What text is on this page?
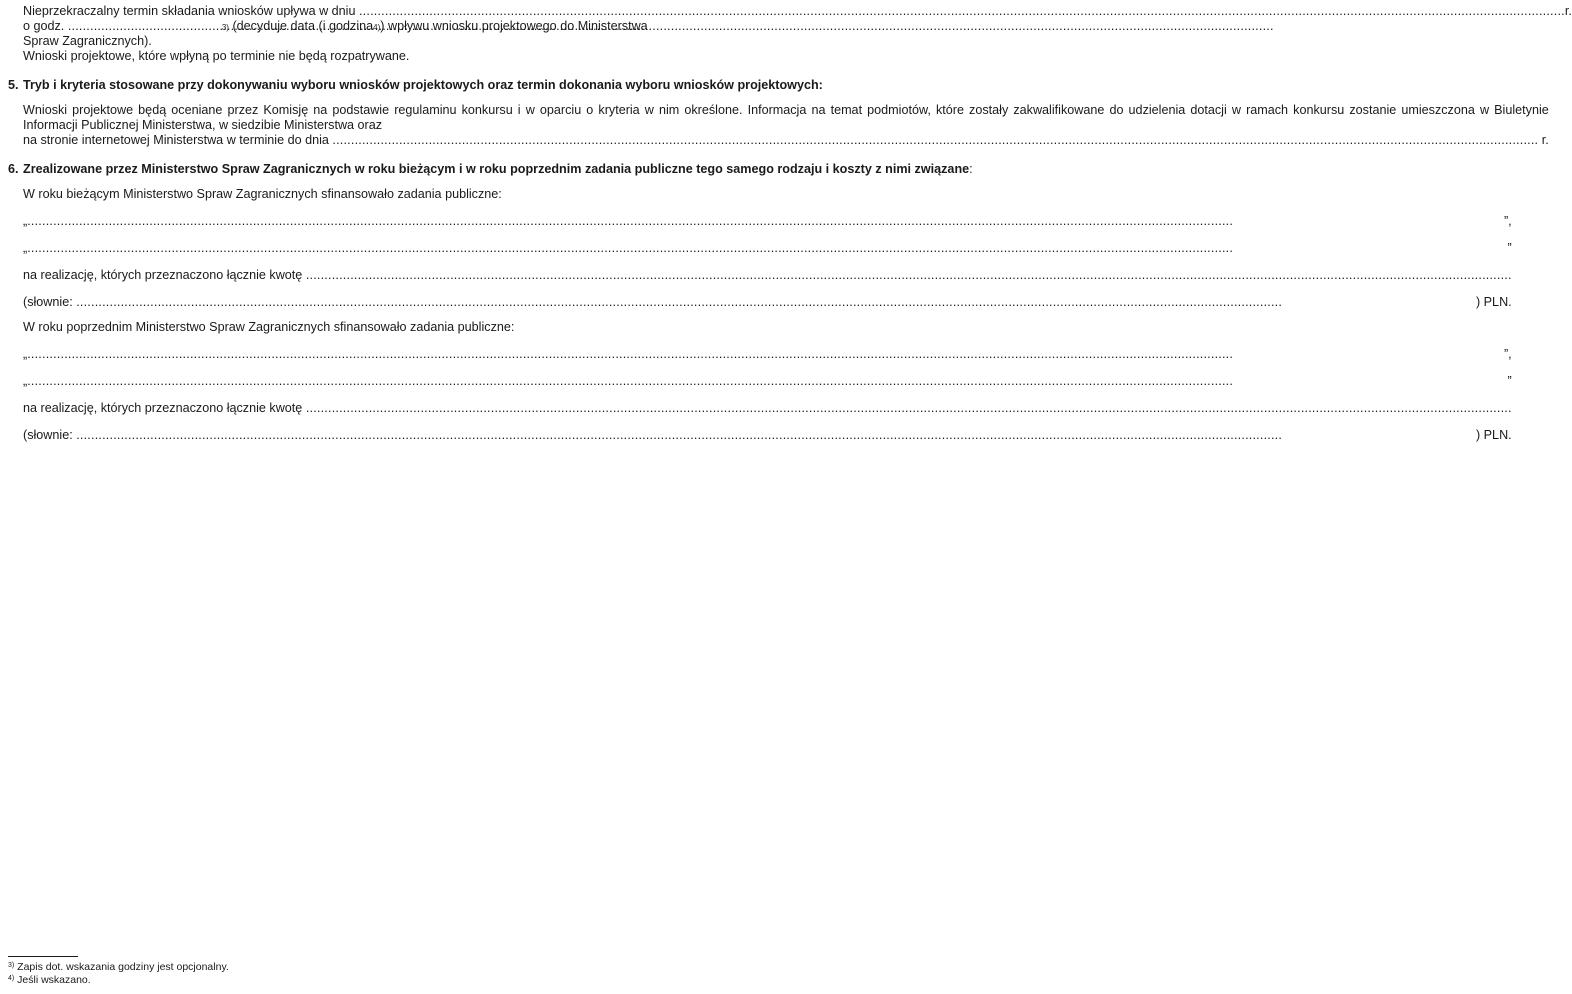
Nieprzekraczalny termin składania wniosków upływa w dniu
.....	r.
o godz.
.....	3)
(decyduje data (i godzina 4) ) wpływu wniosku projektowego do Ministerstwa

Spraw Zagranicznych).

Wnioski projektowe, które wpłyną po terminie nie będą rozpatrywane.

5. Tryb i kryteria stosowane przy dokonywaniu wyboru wniosków projektowych oraz termin dokonania wyboru wniosków projektowych:

Wnioski projektowe będą oceniane przez Komisję na podstawie regulaminu konkursu i w oparciu o kryteria w nim określone. Informacja na temat podmiotów, które zostały zakwalifikowane do udzielenia dotacji w ramach konkursu zostanie umieszczona w Biuletynie Informacji Publicznej Ministerstwa, w siedzibie Ministerstwa oraz

na stronie internetowej Ministerstwa w terminie do dnia
.....
	r.
6. Zrealizowane przez Ministerstwo Spraw Zagranicznych w roku bieżącym i w roku poprzednim zadania publiczne tego samego rodzaju i koszty z nimi związane:

W roku bieżącym Ministerstwo Spraw Zagranicznych sfinansowało zadania publiczne:

„ .....	”,
„ .....	”
na realizację, których przeznaczono łącznie kwotę

.....
(słownie:
.....	) PLN.

W roku poprzednim Ministerstwo Spraw Zagranicznych sfinansowało zadania publiczne:

„ .....	”,
„ .....	”
na realizację, których przeznaczono łącznie kwotę

.....
(słownie:
.....	) PLN.

$^{3)}$ Zapis dot. wskazania godziny jest opcjonalny.

$^{4)}$ Jeśli wskazano.
